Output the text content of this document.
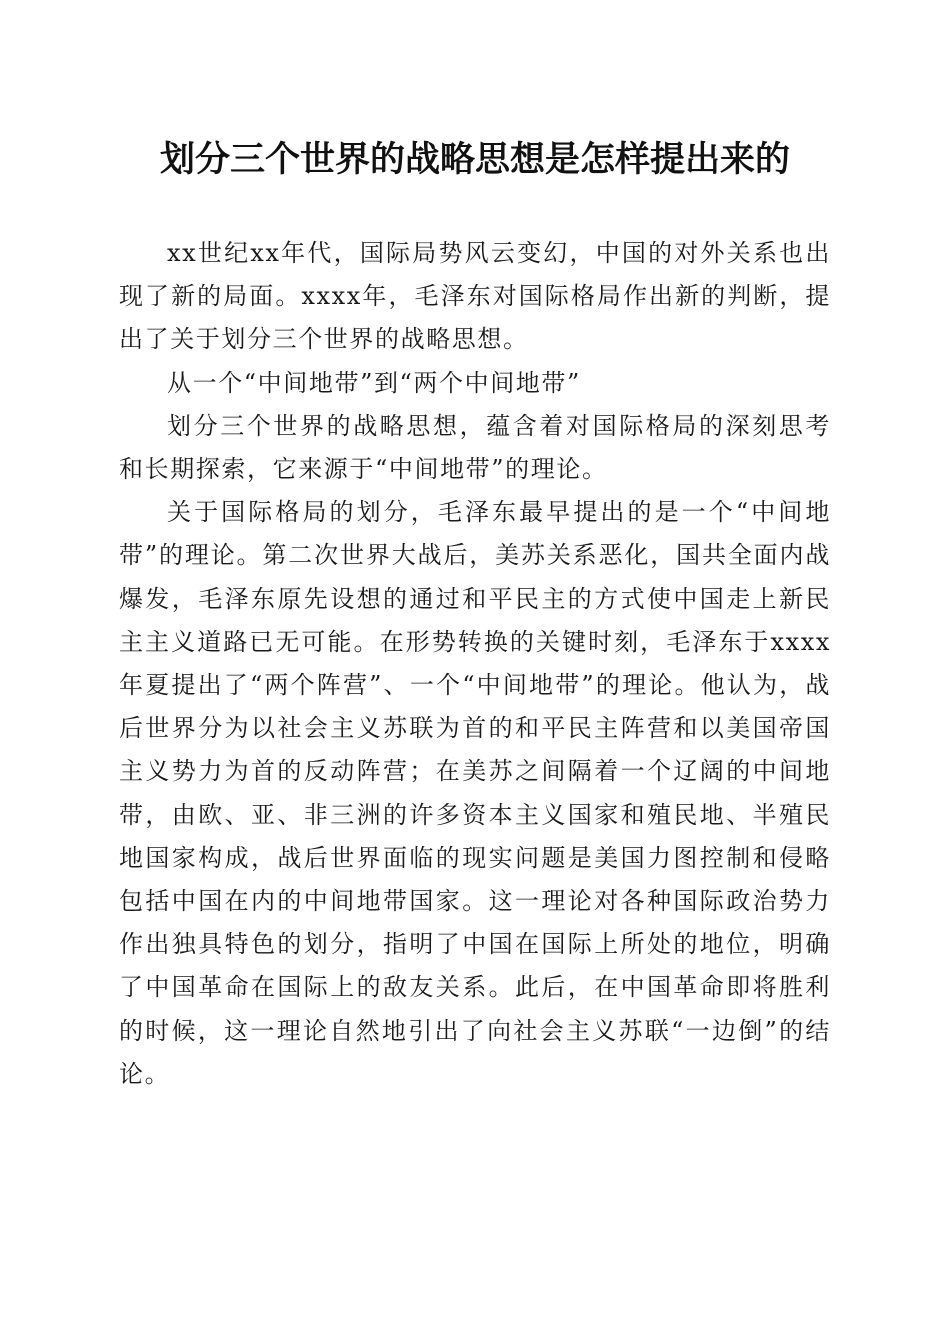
划分三个世界的战略思想是怎样提出来的

xx世纪xx年代，国际局势风云变幻，中国的对外关系也出现了新的局面。xxxx年，毛泽东对国际格局作出新的判断，提出了关于划分三个世界的战略思想。

从一个“中间地带”到“两个中间地带”

划分三个世界的战略思想，蕴含着对国际格局的深刻思考和长期探索，它来源于“中间地带”的理论。

关于国际格局的划分，毛泽东最早提出的是一个“中间地带”的理论。第二次世界大战后，美苏关系恶化，国共全面内战爆发，毛泽东原先设想的通过和平民主的方式使中国走上新民主主义道路已无可能。在形势转换的关键时刻，毛泽东于xxxx年夏提出了“两个阵营”、一个“中间地带”的理论。他认为，战后世界分为以社会主义苏联为首的和平民主阵营和以美国帝国主义势力为首的反动阵营；在美苏之间隔着一个辽阔的中间地带，由欧、亚、非三洲的许多资本主义国家和殖民地、半殖民地国家构成，战后世界面临的现实问题是美国力图控制和侵略包括中国在内的中间地带国家。这一理论对各种国际政治势力作出独具特色的划分，指明了中国在国际上所处的地位，明确了中国革命在国际上的敌友关系。此后，在中国革命即将胜利的时候，这一理论自然地引出了向社会主义苏联“一边倒”的结论。
